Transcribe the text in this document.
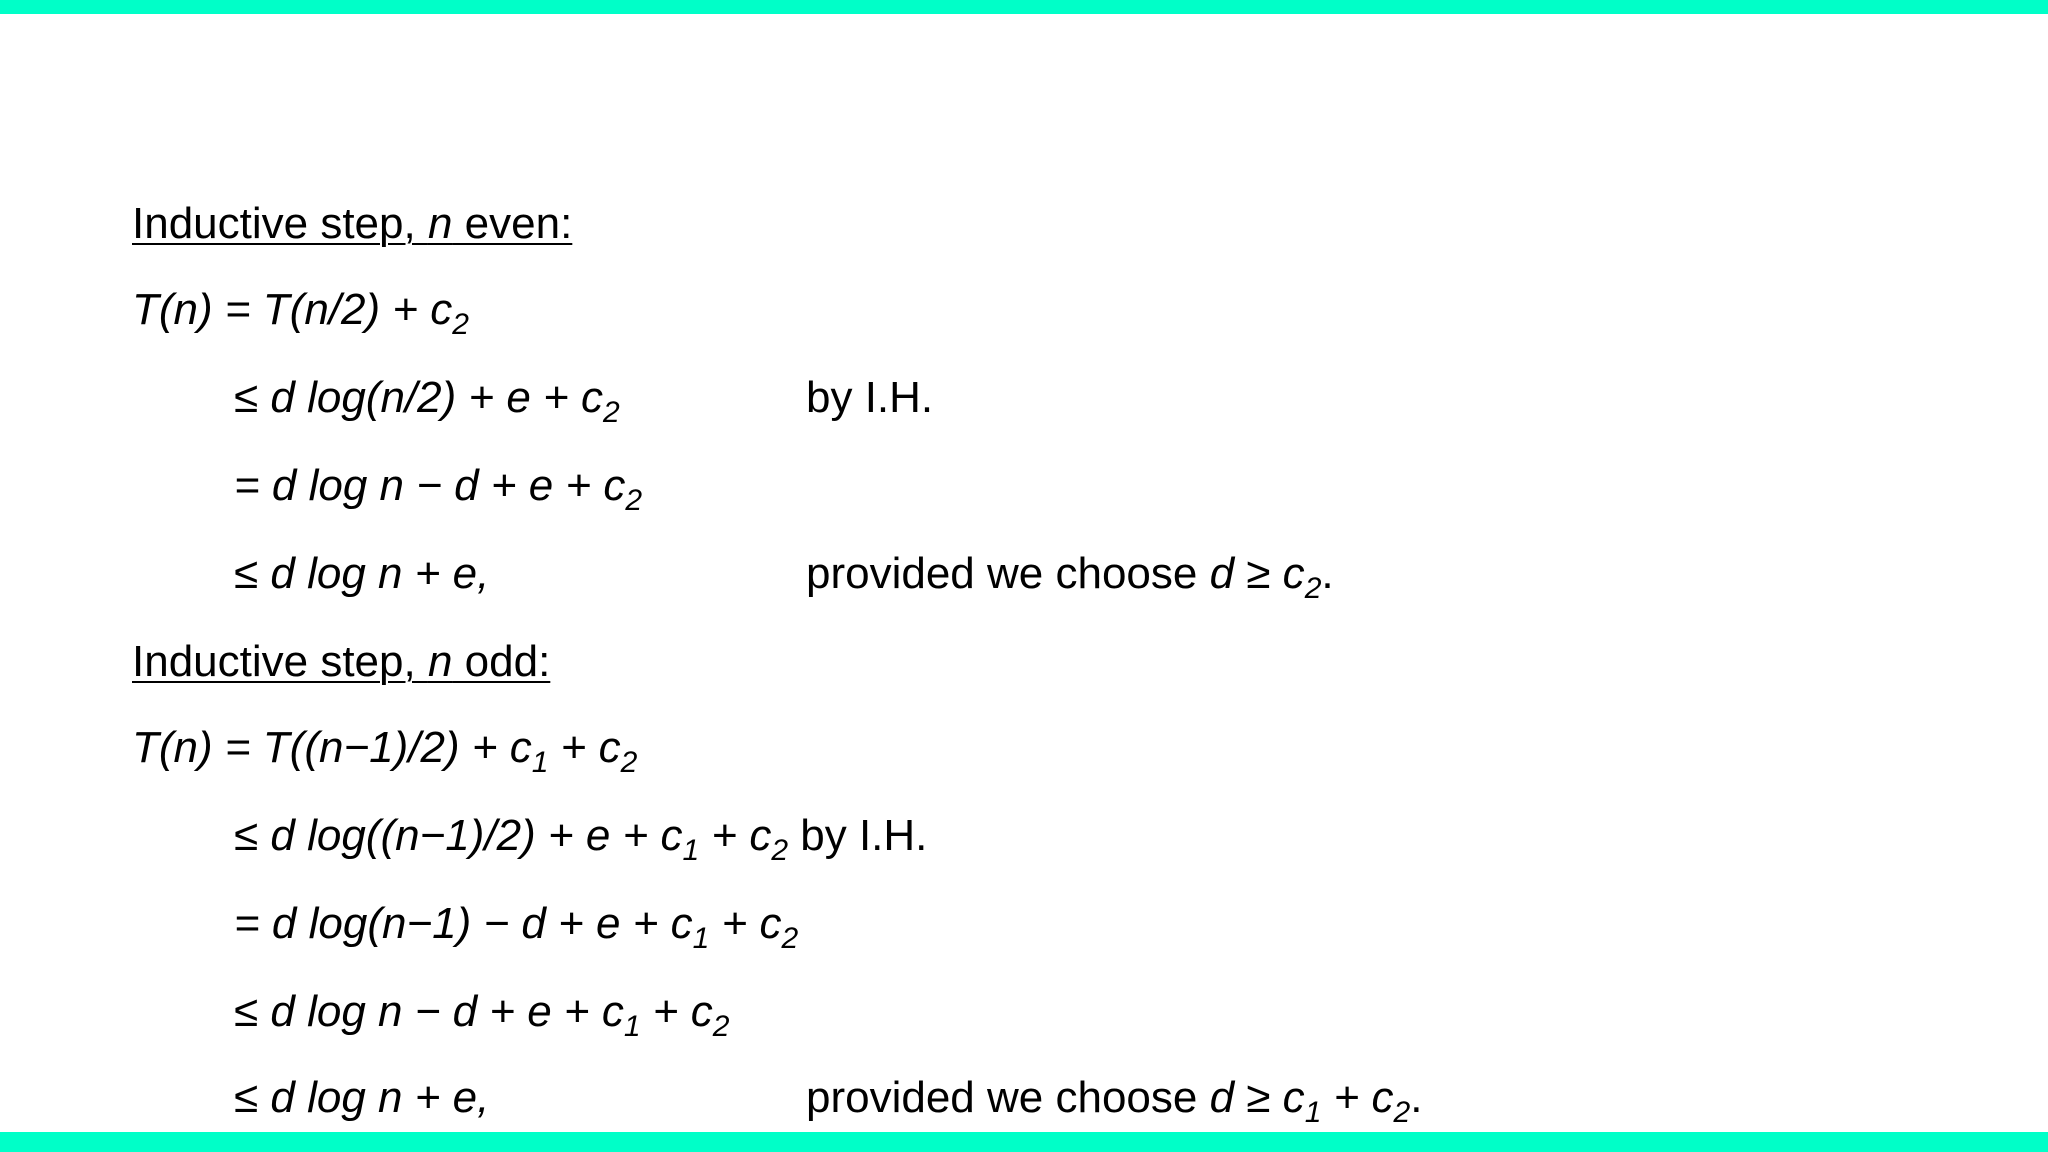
Inductive step, n even:
$T(n) = T(n/2) + c_2$
≤ d $\log(n/2) + e + c_2$	by I.H.
= d $\log n - d + e + c_2$
≤ d log n + e,	provided we choose $d \ge c_2$.
Inductive step, n odd:
$T(n) = T((n-1)/2) + c_1 + c_2$
≤ d $\log((n-1)/2) + e + c_1 + c_2$ by I.H.
= d $\log(n-1) - d + e + c_1 + c_2$
≤ d $\log n - d + e + c_1 + c_2$
≤ d log n + e,	provided we choose $d \ge c_1 + c_2$.
